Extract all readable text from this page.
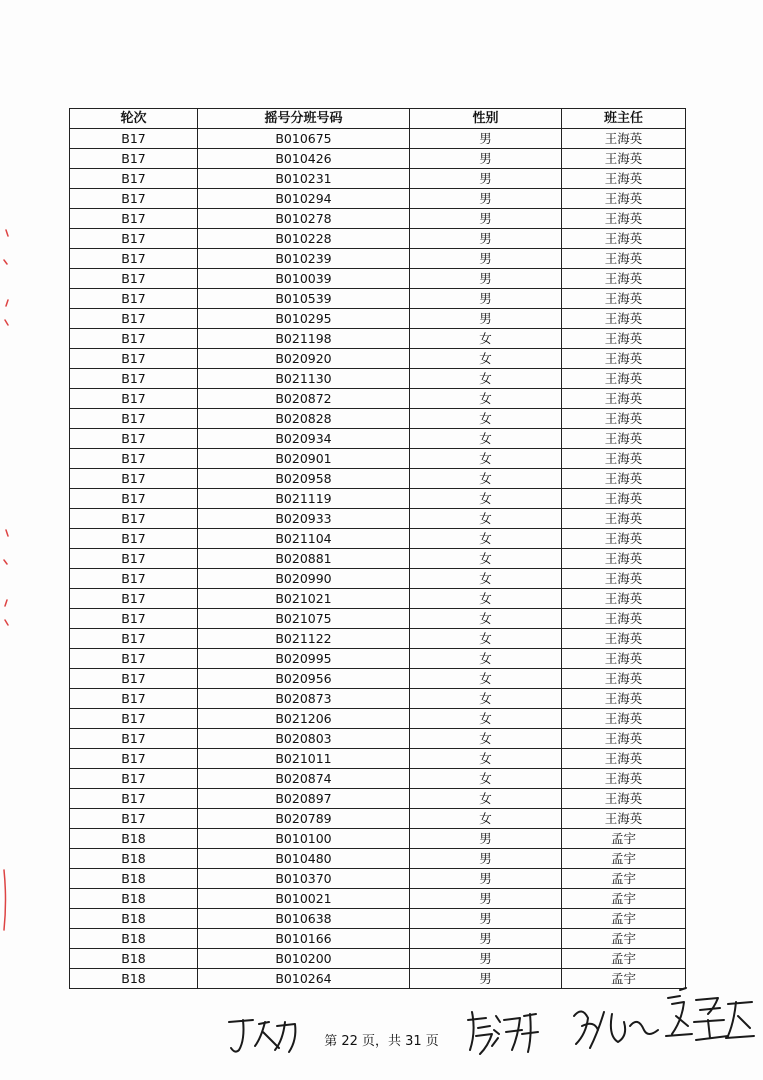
轮次	摇号分班号码	性别	班主任
B17	B010675	男	王海英
B17	B010426	男	王海英
B17	B010231	男	王海英
B17	B010294	男	王海英
B17	B010278	男	王海英
B17	B010228	男	王海英
B17	B010239	男	王海英
B17	B010039	男	王海英
B17	B010539	男	王海英
B17	B010295	男	王海英
B17	B021198	女	王海英
B17	B020920	女	王海英
B17	B021130	女	王海英
B17	B020872	女	王海英
B17	B020828	女	王海英
B17	B020934	女	王海英
B17	B020901	女	王海英
B17	B020958	女	王海英
B17	B021119	女	王海英
B17	B020933	女	王海英
B17	B021104	女	王海英
B17	B020881	女	王海英
B17	B020990	女	王海英
B17	B021021	女	王海英
B17	B021075	女	王海英
B17	B021122	女	王海英
B17	B020995	女	王海英
B17	B020956	女	王海英
B17	B020873	女	王海英
B17	B021206	女	王海英
B17	B020803	女	王海英
B17	B021011	女	王海英
B17	B020874	女	王海英
B17	B020897	女	王海英
B17	B020789	女	王海英
B18	B010100	男	孟宇
B18	B010480	男	孟宇
B18	B010370	男	孟宇
B18	B010021	男	孟宇
B18	B010638	男	孟宇
B18	B010166	男	孟宇
B18	B010200	男	孟宇
B18	B010264	男	孟宇
第 22 页，共 31 页
